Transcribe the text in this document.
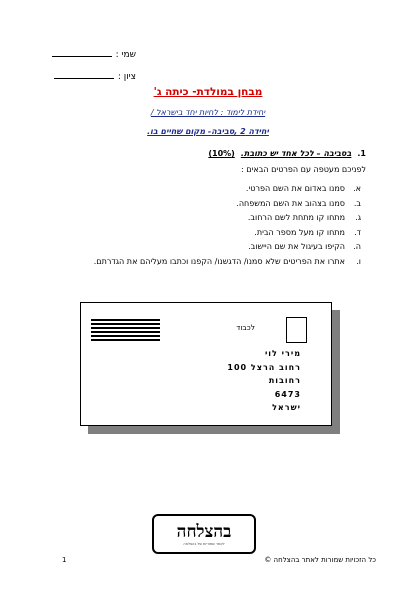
שמי :
ציון :
מבחן במולדת- כיתה ג'
יחידת לימוד : לחיות יחד בישראל /
יחידה 2 ,סביבה- מקום שחיים בו.
1.
בסביבה – לכל אחד יש כתובת.
(10%)
לפניכם מעטפה עם הפרטים הבאים :
א.
סמנו באדום את השם הפרטי.
ב.
סמנו בצהוב את השם המשפחה.
ג.
מתחו קו מתחת לשם הרחוב.
ד.
מתחו קו מעל מספר הבית.
ה.
הקיפו בעיגול את שם היישוב.
ו.
אתרו את הפריטים שלא סמנו/ הדגשנו/ הקפנו וכתבו מעליהם את הגדרתם.
לכבוד
מירי לוי
רחוב הרצל 100
רחובות
6473
ישראל
בהצלחה
לאתר שמוריות של בהצלחה
כל הזכויות שמורות לאתר בהצלחה ©
1
